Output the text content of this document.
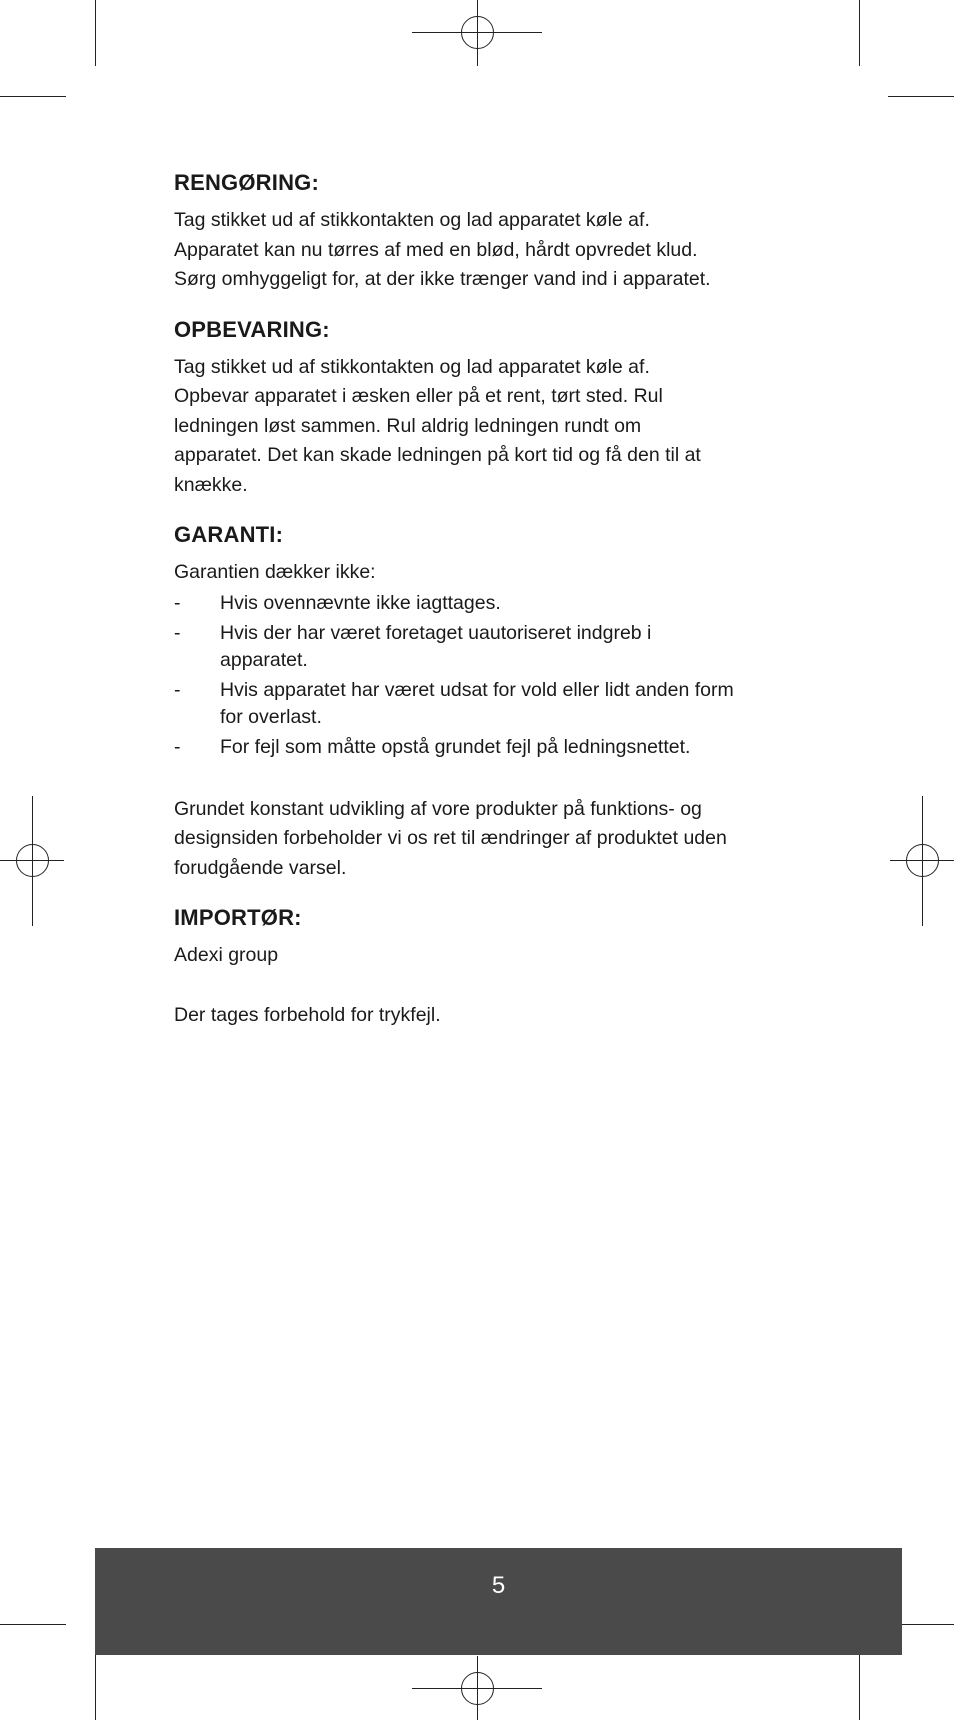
RENGØRING:

Tag stikket ud af stikkontakten og lad apparatet køle af.
Apparatet kan nu tørres af med en blød, hårdt opvredet klud.
Sørg omhyggeligt for, at der ikke trænger vand ind i apparatet.

OPBEVARING:

Tag stikket ud af stikkontakten og lad apparatet køle af.
Opbevar apparatet i æsken eller på et rent, tørt sted. Rul
ledningen løst sammen. Rul aldrig ledningen rundt om
apparatet. Det kan skade ledningen på kort tid og få den til at
knække.

GARANTI:

Garantien dækker ikke:

-	Hvis ovennævnte ikke iagttages.
-	Hvis der har været foretaget uautoriseret indgreb i
apparatet.
-	Hvis apparatet har været udsat for vold eller lidt anden form
for overlast.
-	For fejl som måtte opstå grundet fejl på ledningsnettet.

Grundet konstant udvikling af vore produkter på funktions- og
designsiden forbeholder vi os ret til ændringer af produktet uden
forudgående varsel.

IMPORTØR:

Adexi group

Der tages forbehold for trykfejl.

5
